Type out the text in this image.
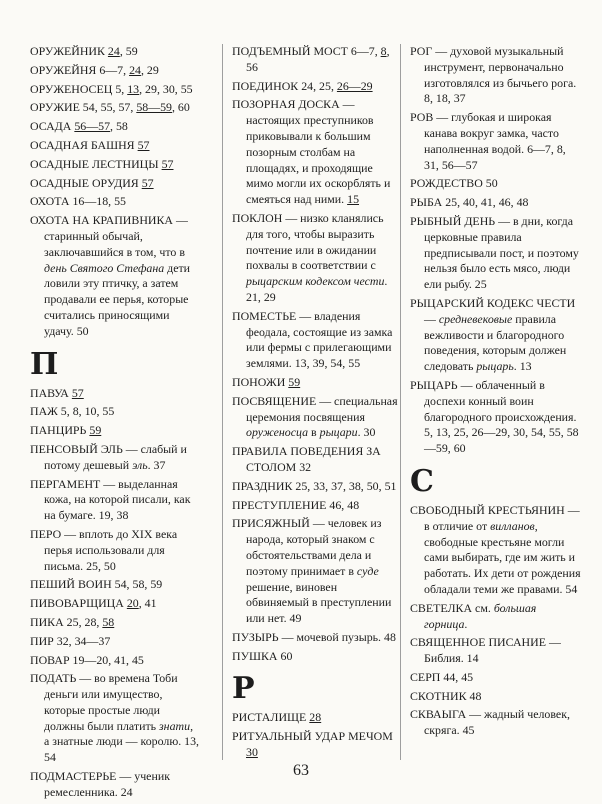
ОРУЖЕЙНИК 24, 59
ОРУЖЕЙНЯ 6—7, 24, 29
ОРУЖЕНОСЕЦ 5, 13, 29, 30, 55
ОРУЖИЕ 54, 55, 57, 58—59, 60
ОСАДА 56—57, 58
ОСАДНАЯ БАШНЯ 57
ОСАДНЫЕ ЛЕСТНИЦЫ 57
ОСАДНЫЕ ОРУДИЯ 57
ОХОТА 16—18, 55
ОХОТА НА КРАПИВНИКА — старинный обычай, заключавшийся в том, что в день Святого Стефана дети ловили эту птичку, а затем продавали ее перья, которые считались приносящими удачу. 50
П
ПАВУА 57
ПАЖ 5, 8, 10, 55
ПАНЦИРЬ 59
ПЕНСОВЫЙ ЭЛЬ — слабый и потому дешевый эль. 37
ПЕРГАМЕНТ — выделанная кожа, на которой писали, как на бумаге. 19, 38
ПЕРО — вплоть до XIX века перья использовали для письма. 25, 50
ПЕШИЙ ВОИН 54, 58, 59
ПИВОВАРЩИЦА 20, 41
ПИКА 25, 28, 58
ПИР 32, 34—37
ПОВАР 19—20, 41, 45
ПОДАТЬ — во времена Тоби деньги или имущество, которые простые люди должны были платить знати, а знатные люди — королю. 13, 54
ПОДМАСТЕРЬЕ — ученик ремесленника. 24
ПОДЪЕМНЫЙ МОСТ 6—7, 8, 56
ПОЕДИНОК 24, 25, 26—29
ПОЗОРНАЯ ДОСКА — настоящих преступников приковывали к большим позорным столбам на площадях, и проходящие мимо могли их оскорблять и смеяться над ними. 15
ПОКЛОН — низко кланялись для того, чтобы выразить почтение или в ожидании похвалы в соответствии с рыцарским кодексом чести. 21, 29
ПОМЕСТЬЕ — владения феодала, состоящие из замка или фермы с прилегающими землями. 13, 39, 54, 55
ПОНОЖИ 59
ПОСВЯЩЕНИЕ — специальная церемония посвящения оруженосца в рыцари. 30
ПРАВИЛА ПОВЕДЕНИЯ ЗА СТОЛОМ 32
ПРАЗДНИК 25, 33, 37, 38, 50, 51
ПРЕСТУПЛЕНИЕ 46, 48
ПРИСЯЖНЫЙ — человек из народа, который знаком с обстоятельствами дела и поэтому принимает в суде решение, виновен обвиняемый в преступлении или нет. 49
ПУЗЫРЬ — мочевой пузырь. 48
ПУШКА 60
Р
РИСТАЛИЩЕ 28
РИТУАЛЬНЫЙ УДАР МЕЧОМ 30
РОГ — духовой музыкальный инструмент, первоначально изготовлялся из бычьего рога. 8, 18, 37
РОВ — глубокая и широкая канава вокруг замка, часто наполненная водой. 6—7, 8, 31, 56—57
РОЖДЕСТВО 50
РЫБА 25, 40, 41, 46, 48
РЫБНЫЙ ДЕНЬ — в дни, когда церковные правила предписывали пост, и поэтому нельзя было есть мясо, люди ели рыбу. 25
РЫЦАРСКИЙ КОДЕКС ЧЕСТИ — средневековые правила вежливости и благородного поведения, которым должен следовать рыцарь. 13
РЫЦАРЬ — облаченный в доспехи конный воин благородного происхождения. 5, 13, 25, 26—29, 30, 54, 55, 58—59, 60
С
СВОБОДНЫЙ КРЕСТЬЯНИН — в отличие от вилланов, свободные крестьяне могли сами выбирать, где им жить и работать. Их дети от рождения обладали теми же правами. 54
СВЕТЕЛКА см. большая горница.
СВЯЩЕННОЕ ПИСАНИЕ — Библия. 14
СЕРП 44, 45
СКОТНИК 48
СКВАЫГА — жадный человек, скряга. 45
63
